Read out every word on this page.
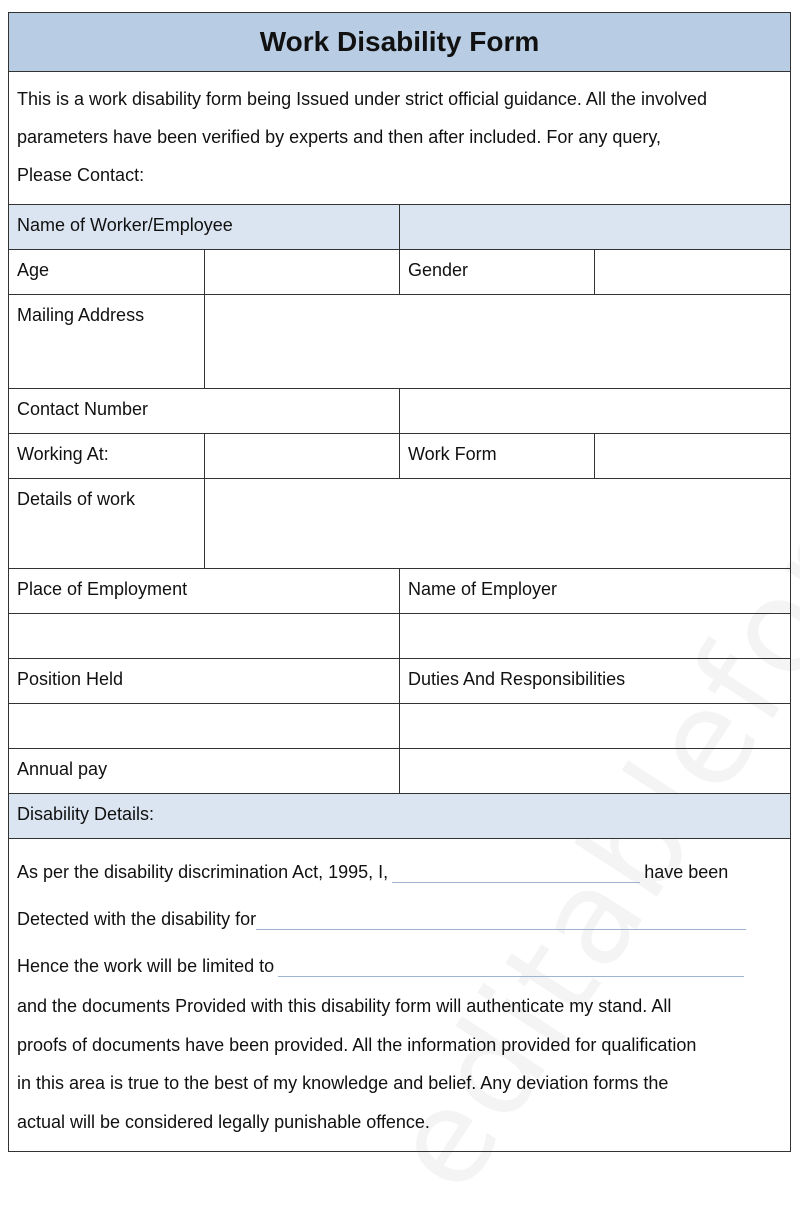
Work Disability Form
This is a work disability form being Issued under strict official guidance. All the involved
parameters have been verified by experts and then after included. For any query,
Please Contact:
Name of Worker/Employee
Age	Gender
Mailing Address
Contact Number
Working At:	Work Form
Details of work
Place of Employment	Name of Employer
Position Held	Duties And Responsibilities
Annual pay
Disability Details:
As per the disability discrimination Act, 1995, I,	have been
Detected with the disability for
Hence the work will be limited to
and the documents Provided with this disability form will authenticate my stand. All
proofs of documents have been provided. All the information provided for qualification
in this area is true to the best of my knowledge and belief. Any deviation forms the
actual will be considered legally punishable offence.
